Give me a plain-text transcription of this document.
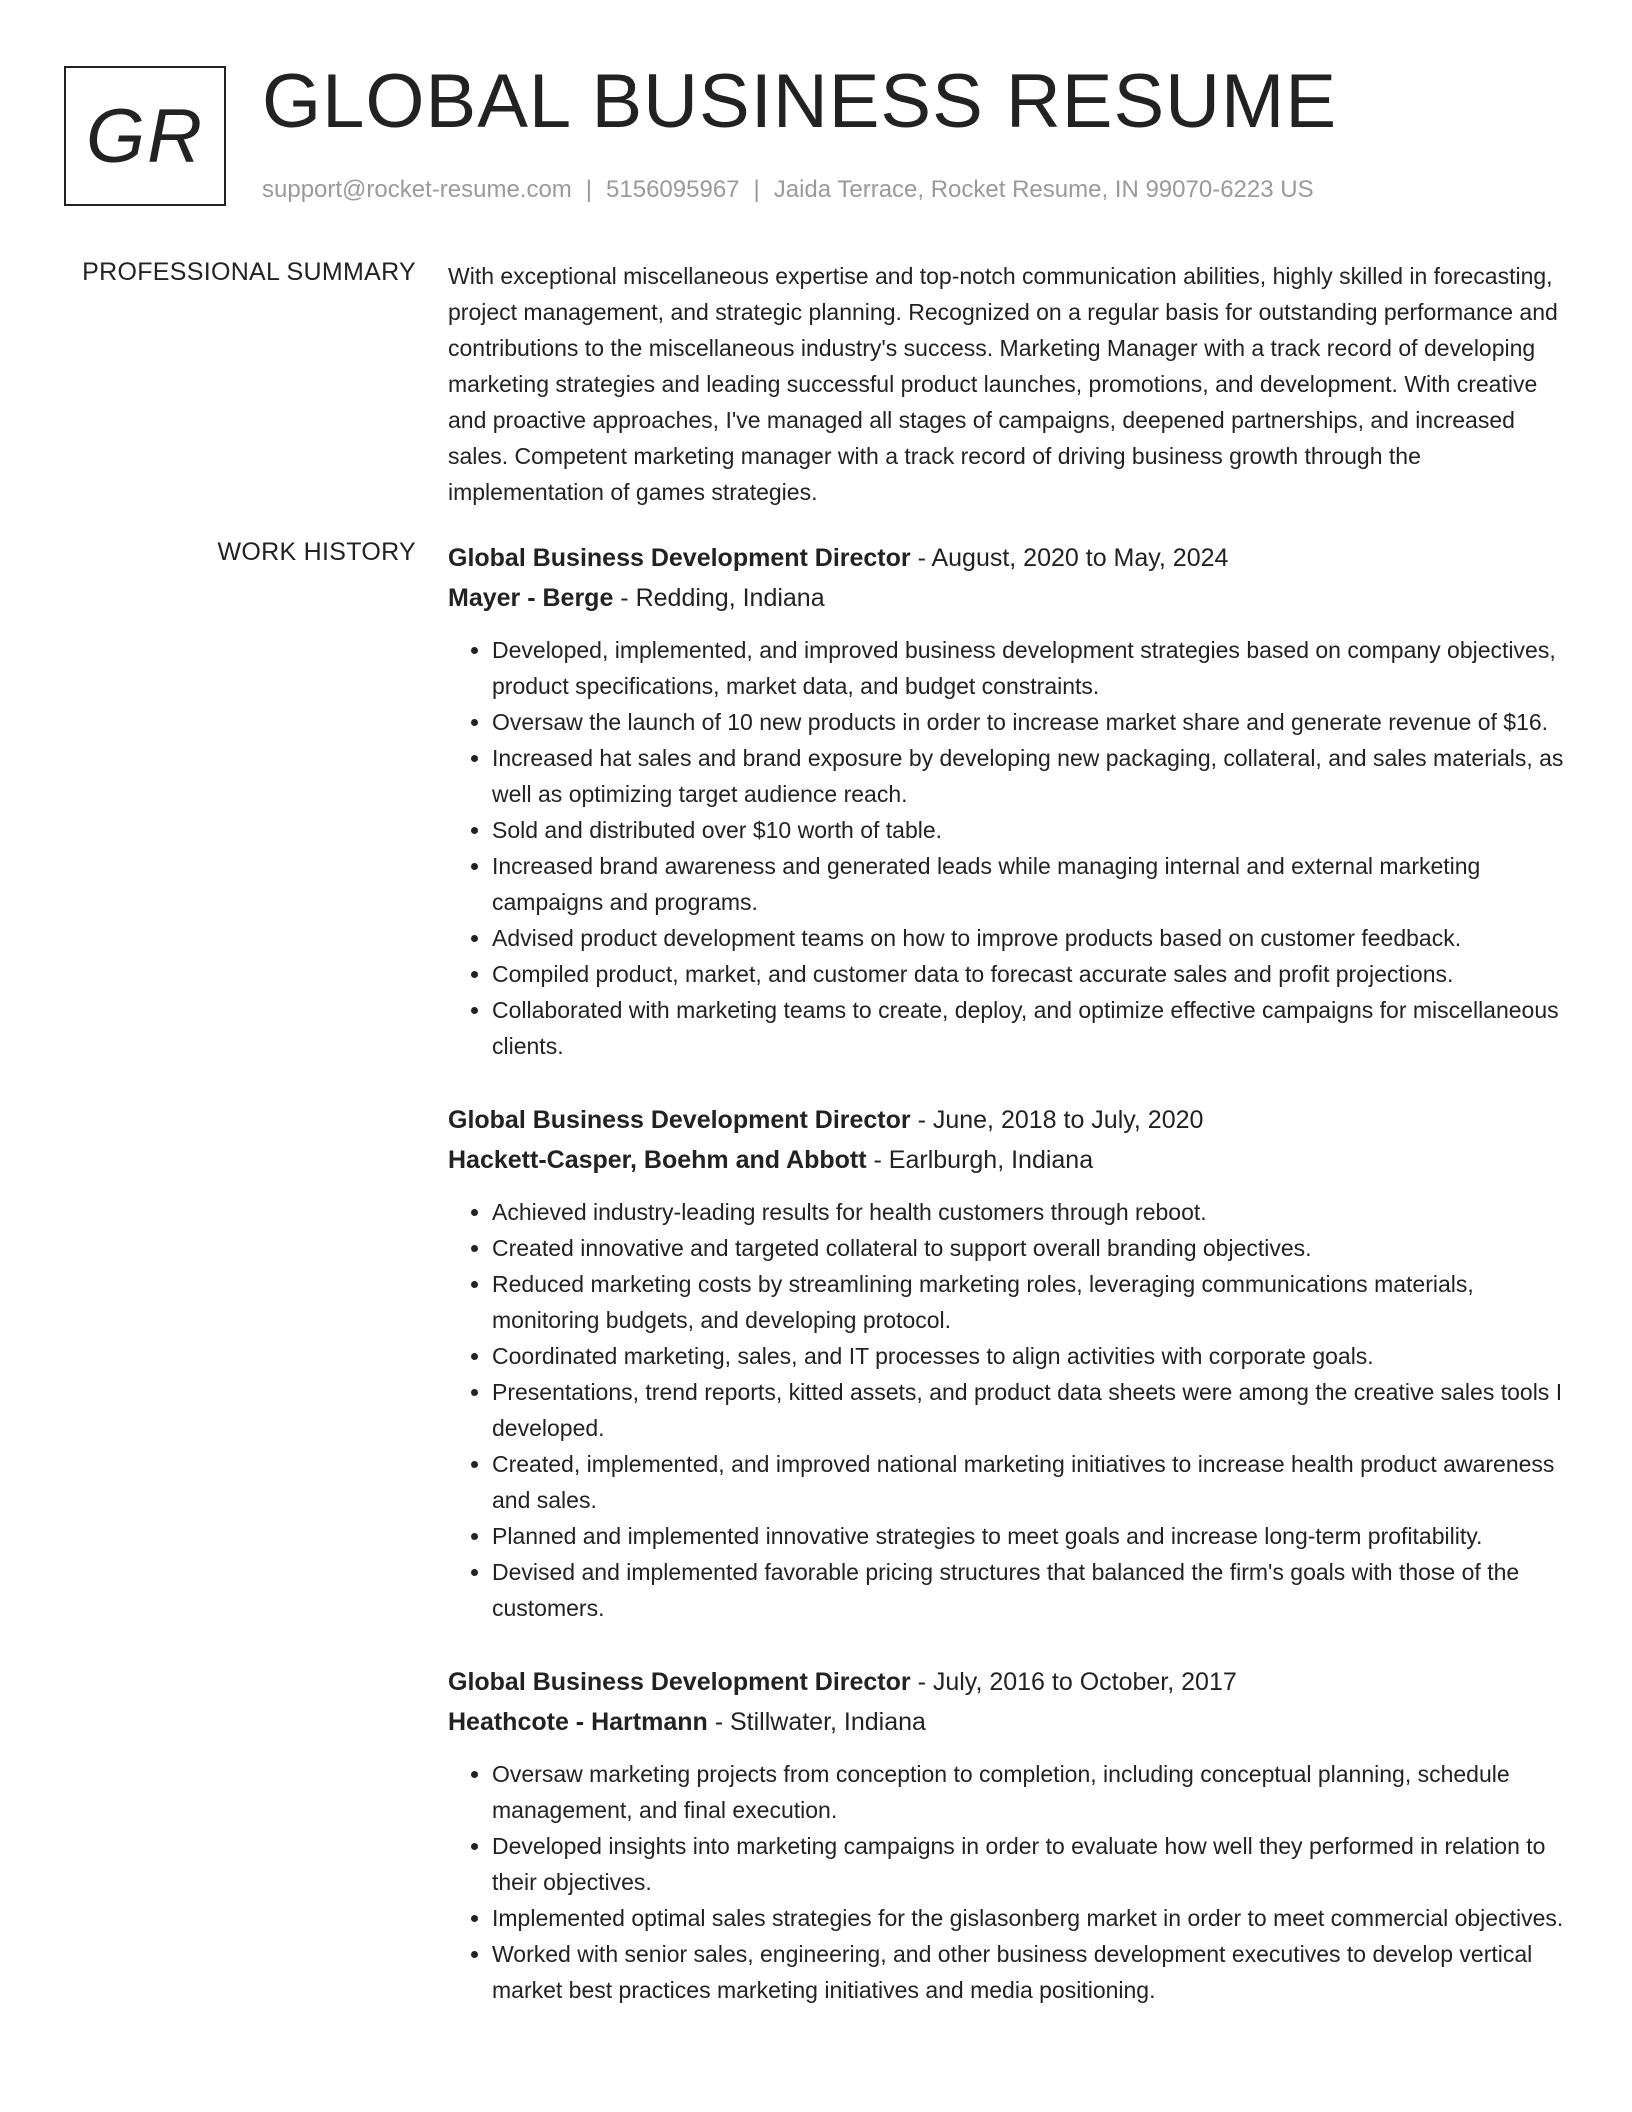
GR GLOBAL BUSINESS RESUME
support@rocket-resume.com | 5156095967 | Jaida Terrace, Rocket Resume, IN 99070-6223 US
PROFESSIONAL SUMMARY With exceptional miscellaneous expertise and top-notch communication abilities, highly skilled in forecasting, project management, and strategic planning. Recognized on a regular basis for outstanding performance and contributions to the miscellaneous industry's success. Marketing Manager with a track record of developing marketing strategies and leading successful product launches, promotions, and development. With creative and proactive approaches, I've managed all stages of campaigns, deepened partnerships, and increased sales. Competent marketing manager with a track record of driving business growth through the implementation of games strategies.

WORK HISTORY Global Business Development Director - August, 2020 to May, 2024
Mayer - Berge - Redding, Indiana
• Developed, implemented, and improved business development strategies based on company objectives, product specifications, market data, and budget constraints.
• Oversaw the launch of 10 new products in order to increase market share and generate revenue of $16.
• Increased hat sales and brand exposure by developing new packaging, collateral, and sales materials, as well as optimizing target audience reach.
• Sold and distributed over $10 worth of table.
• Increased brand awareness and generated leads while managing internal and external marketing campaigns and programs.
• Advised product development teams on how to improve products based on customer feedback.
• Compiled product, market, and customer data to forecast accurate sales and profit projections.
• Collaborated with marketing teams to create, deploy, and optimize effective campaigns for miscellaneous clients.
Global Business Development Director - June, 2018 to July, 2020
Hackett-Casper, Boehm and Abbott - Earlburgh, Indiana
• Achieved industry-leading results for health customers through reboot.
• Created innovative and targeted collateral to support overall branding objectives.
• Reduced marketing costs by streamlining marketing roles, leveraging communications materials, monitoring budgets, and developing protocol.
• Coordinated marketing, sales, and IT processes to align activities with corporate goals.
• Presentations, trend reports, kitted assets, and product data sheets were among the creative sales tools I developed.
• Created, implemented, and improved national marketing initiatives to increase health product awareness and sales.
• Planned and implemented innovative strategies to meet goals and increase long-term profitability.
• Devised and implemented favorable pricing structures that balanced the firm's goals with those of the customers.
Global Business Development Director - July, 2016 to October, 2017
Heathcote - Hartmann - Stillwater, Indiana
• Oversaw marketing projects from conception to completion, including conceptual planning, schedule management, and final execution.
• Developed insights into marketing campaigns in order to evaluate how well they performed in relation to their objectives.
• Implemented optimal sales strategies for the gislasonberg market in order to meet commercial objectives.
• Worked with senior sales, engineering, and other business development executives to develop vertical market best practices marketing initiatives and media positioning.
